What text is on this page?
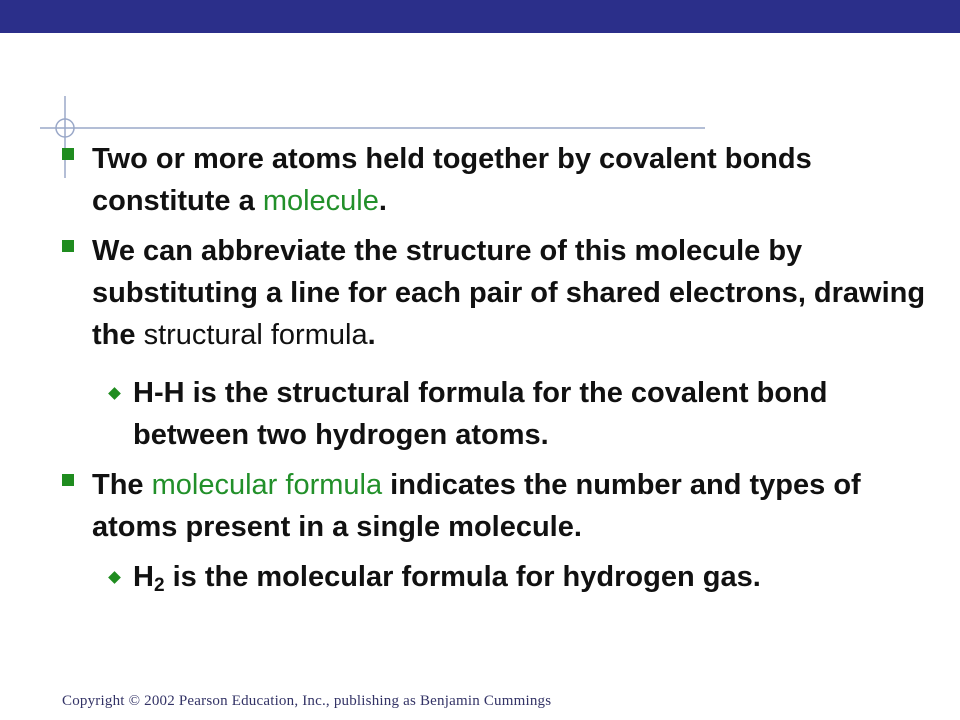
Two or more atoms held together by covalent bonds constitute a molecule.
We can abbreviate the structure of this molecule by substituting a line for each pair of shared electrons, drawing the structural formula.
H-H is the structural formula for the covalent bond between two hydrogen atoms.
The molecular formula indicates the number and types of atoms present in a single molecule.
$H_2$ is the molecular formula for hydrogen gas.
Copyright © 2002 Pearson Education, Inc., publishing as Benjamin Cummings
